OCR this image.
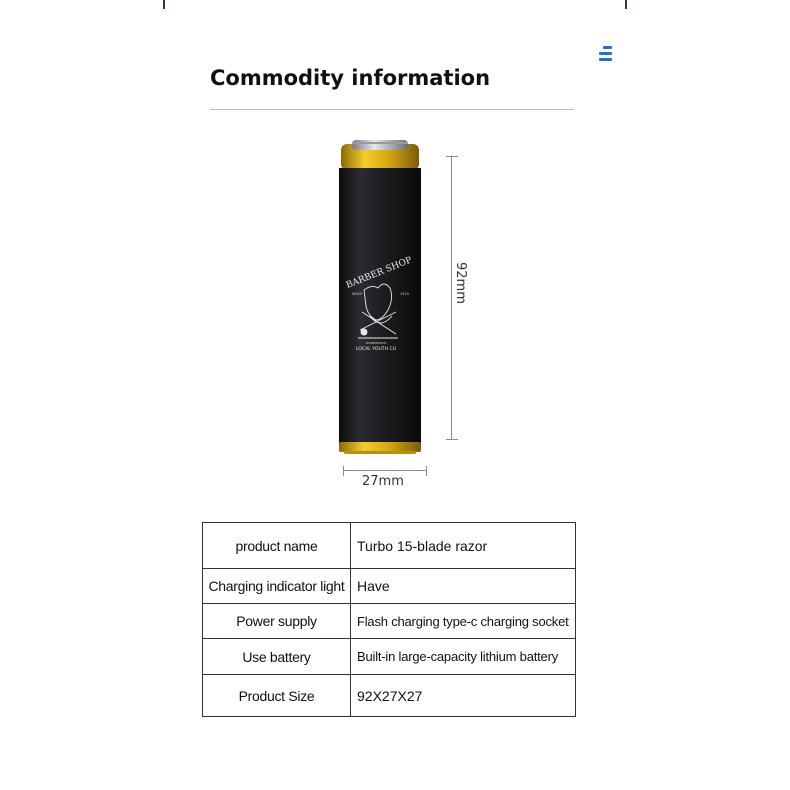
Commodity information
BARBER SHOP
SINCE	1919
BARBERSHOP
LOCAL YOUTH CU
92mm
27mm
product name	Turbo 15-blade razor
Charging indicator light	Have
Power supply	Flash charging type-c charging socket
Use battery	Built-in large-capacity lithium battery
Product Size	92X27X27
